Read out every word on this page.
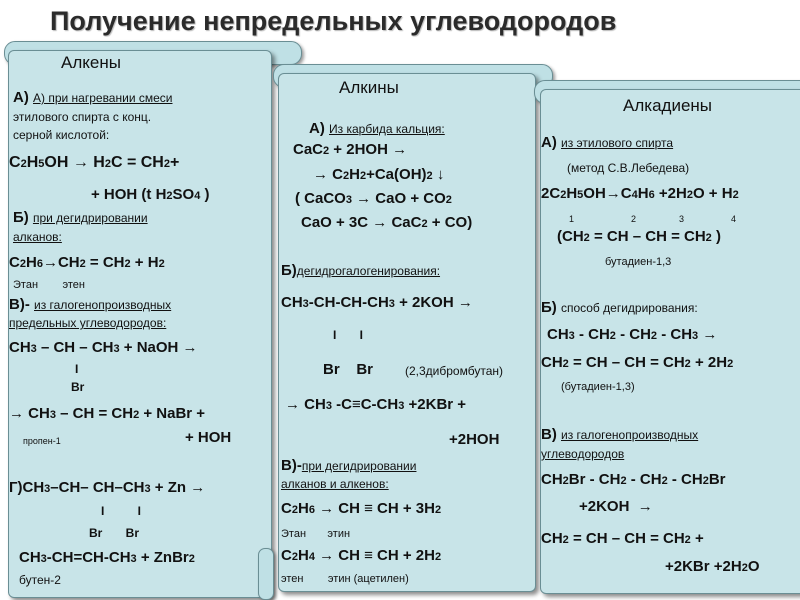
Получение непредельных углеводородов
Алкены
А) А) при нагревании смеси
этилового спирта с конц.
серной кислотой:
C2H5OH → H2C = CH2+
+ HOH (t H2SO4 )
Б) при дегидрировании
алканов:
C2H6→CH2 = CH2 + H2
Этан        этен
В)- из галогенопроизводных
предельных углеводородов:
CH3 – CH – CH3 + NaOH →
I
Br
→ CH3 – CH = CH2 + NaBr +
пропен-1	+ HOH
Г)CH3–CH– CH–CH3 + Zn →
I          I
Br       Br
CH3-CH=CH-CH3 + ZnBr2
бутен-2
Алкины
А) Из карбида кальция:
CaC2 + 2HOH →
→ C2H2+Ca(OH)2 ↓
( CaCO3 → CaO + CO2
CaO + 3C → CaC2 + CO)
Б)дегидрогалогенирования:
CH3-CH-CH-CH3 + 2KOH →
I       I
Br    Br	(2,3дибромбутан)
→ CH3 -C≡C-CH3 +2KBr +
+2HOH
В)-при дегидрировании
алканов и алкенов:
C2H6 → CH ≡ CH + 3H2
Этан       этин
C2H4 → CH ≡ CH + 2H2
этен        этин (ацетилен)
Алкадиены
А) из этилового спирта
(метод С.В.Лебедева)
2C2H5OH→C4H6 +2H2O + H2
1	2	3	4
(CH2 = CH – CH = CH2 )
бутадиен-1,3
Б) способ дегидрирования:
CH3 - CH2 - CH2 - CH3 →
CH2 = CH – CH = CH2 + 2H2
(бутадиен-1,3)
В) из галогенопроизводных
углеводородов
CH2Br - CH2 - CH2 - CH2Br
+2KOH  →
CH2 = CH – CH = CH2 +
+2KBr +2H2O
